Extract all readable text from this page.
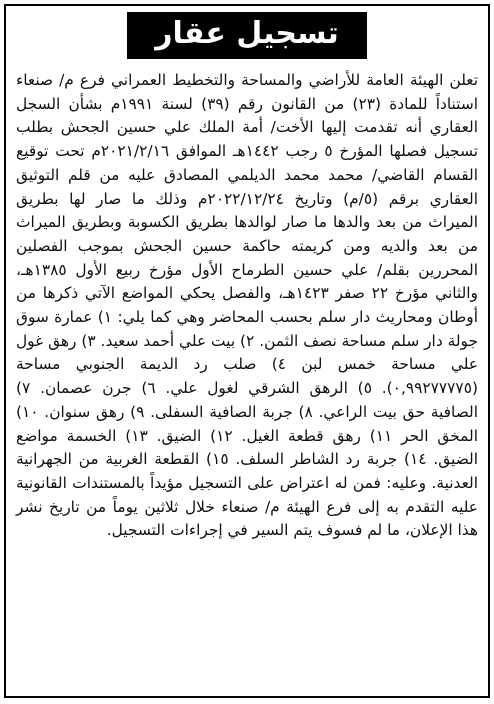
تسجيل عقار

تعلن الهيئة العامة للأراضي والمساحة والتخطيط العمراني فرع م/ صنعاء استناداً للمادة (٢٣) من القانون رقم (٣٩) لسنة ١٩٩١م بشأن السجل العقاري أنه تقدمت إليها الأخت/ أمة الملك علي حسين الجحش بطلب تسجيل فصلها المؤرخ ٥ رجب ١٤٤٢هـ الموافق ٢٠٢١/٢/١٦م تحت توقيع القسام القاضي/ محمد محمد الديلمي المصادق عليه من قلم التوثيق العقاري برقم (٥/م) وتاريخ ٢٠٢٢/١٢/٢٤م وذلك ما صار لها بطريق الميراث من بعد والدها ما صار لوالدها بطريق الكسوبة وبطريق الميراث من بعد والديه ومن كريمته حاكمة حسين الجحش بموجب الفصلين المحررين بقلم/ علي حسين الطرماح الأول مؤرخ ربيع الأول ١٣٨٥هـ، والثاني مؤرخ ٢٢ صفر ١٤٢٣هـ، والفصل يحكي المواضع الآتي ذكرها من أوطان ومحاريث دار سلم بحسب المحاضر وهي كما يلي: ١) عمارة سوق جولة دار سلم مساحة نصف الثمن. ٢) بيت علي أحمد سعيد. ٣) رهق غول علي مساحة خمس لبن ٤) صلب رد الديمة الجنوبي مساحة (٠,٩٩٢٧٧٧٧٥). ٥) الرهق الشرقي لغول علي. ٦) جرن عصمان. ٧) الصافية حق بيت الراعي. ٨) جربة الصافية السفلى. ٩) رهق سنوان. ١٠) المخق الحر ١١) رهق قطعة الغيل. ١٢) الضيق. ١٣) الخسمة مواضع الضيق. ١٤) جربة رد الشاطر السلف. ١٥) القطعة الغربية من الجهرانية العدنية. وعليه: فمن له اعتراض على التسجيل مؤيداً بالمستندات القانونية عليه التقدم به إلى فرع الهيئة م/ صنعاء خلال ثلاثين يوماً من تاريخ نشر هذا الإعلان، ما لم فسوف يتم السير في إجراءات التسجيل.
